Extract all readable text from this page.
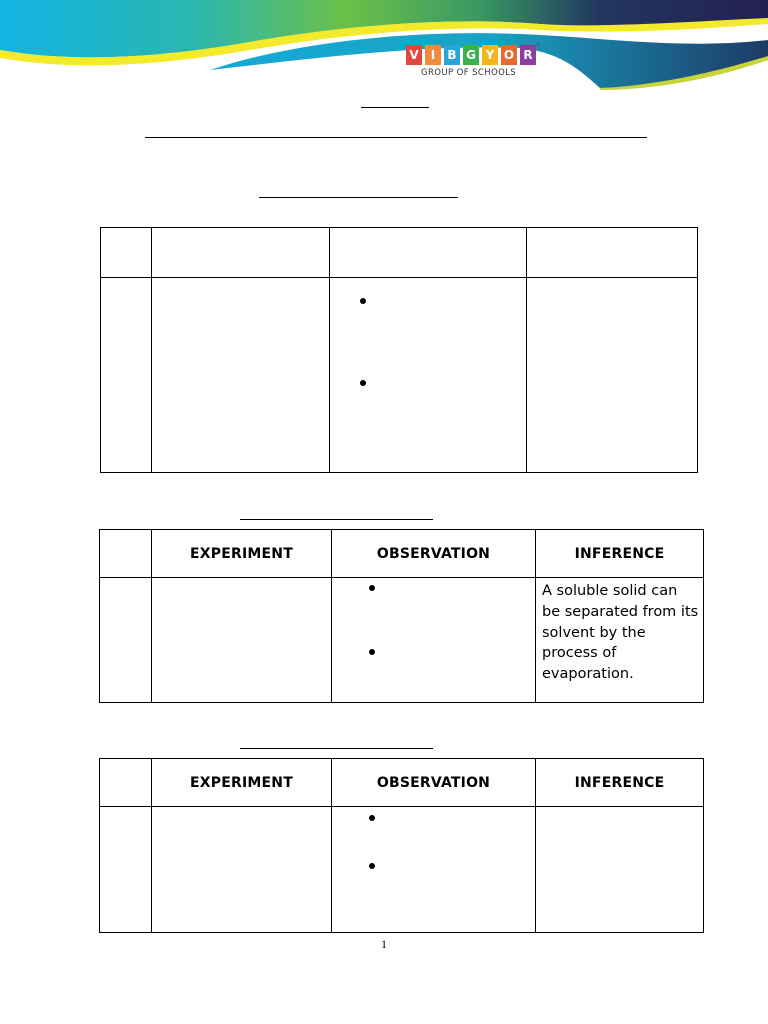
V	I	B G Y O R
GROUP OF SCHOOLS
®

	EXPERIMENT	OBSERVATION	INFERENCE

			A soluble solid can be separated from its solvent by the process of evaporation.
	EXPERIMENT	OBSERVATION	INFERENCE

1
